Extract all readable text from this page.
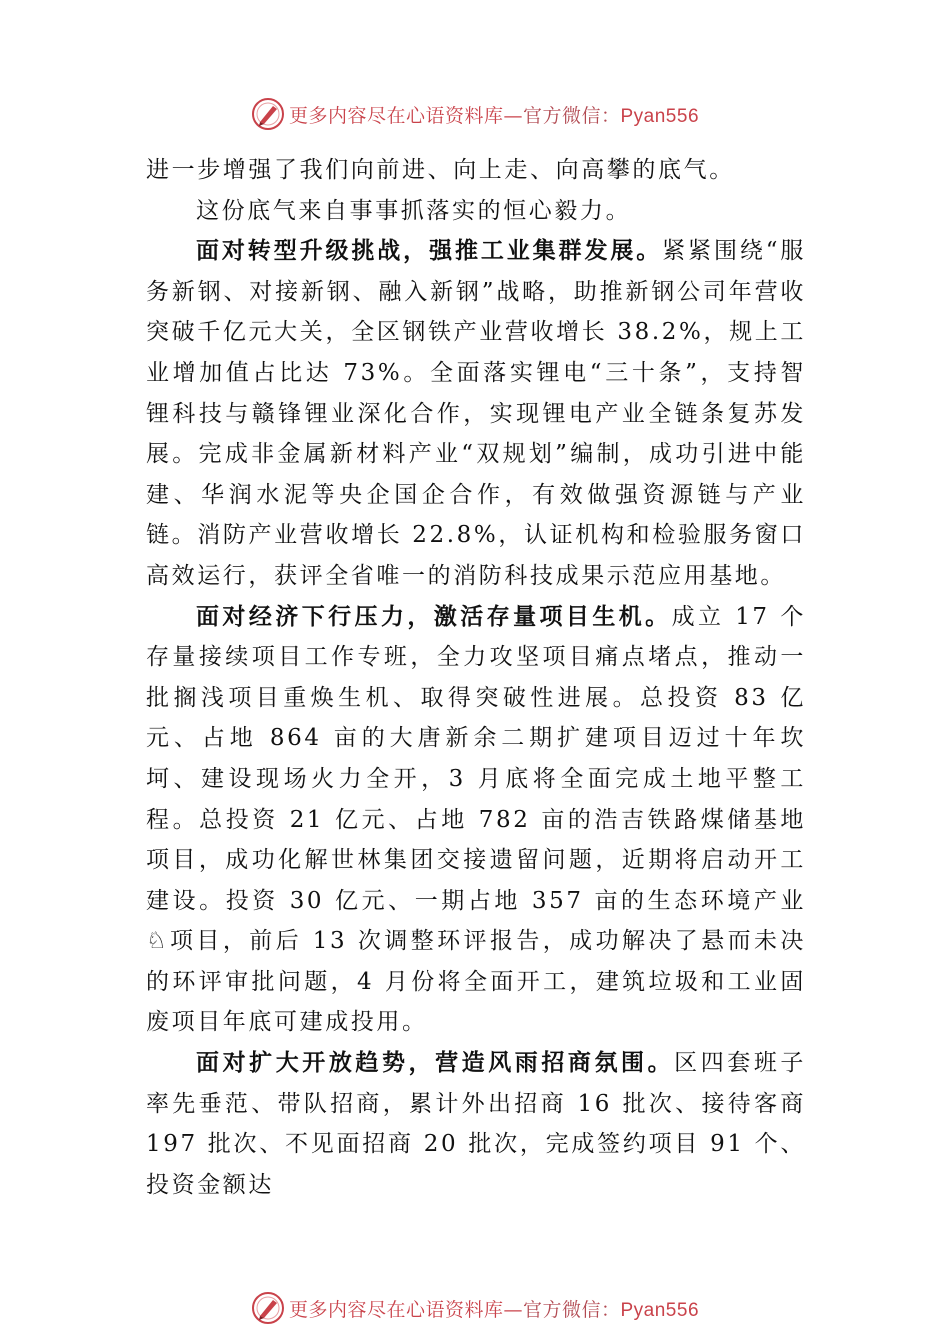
更多内容尽在心语资料库—官方微信：Pyan556

进一步增强了我们向前进、向上走、向高攀的底气。

这份底气来自事事抓落实的恒心毅力。

面对转型升级挑战，强推工业集群发展。紧紧围绕“服务新钢、对接新钢、融入新钢”战略，助推新钢公司年营收突破千亿元大关，全区钢铁产业营收增长 38.2%，规上工业增加值占比达 73%。全面落实锂电“三十条”，支持智锂科技与赣锋锂业深化合作，实现锂电产业全链条复苏发展。完成非金属新材料产业“双规划”编制，成功引进中能建、华润水泥等央企国企合作，有效做强资源链与产业链。消防产业营收增长 22.8%，认证机构和检验服务窗口高效运行，获评全省唯一的消防科技成果示范应用基地。

面对经济下行压力，激活存量项目生机。成立 17 个存量接续项目工作专班，全力攻坚项目痛点堵点，推动一批搁浅项目重焕生机、取得突破性进展。总投资 83 亿元、占地 864 亩的大唐新余二期扩建项目迈过十年坎坷、建设现场火力全开，3 月底将全面完成土地平整工程。总投资 21 亿元、占地 782 亩的浩吉铁路煤储基地项目，成功化解世林集团交接遗留问题，近期将启动开工建设。投资 30 亿元、一期占地 357 亩的生态环境产业♘项目，前后 13 次调整环评报告，成功解决了悬而未决的环评审批问题，4 月份将全面开工，建筑垃圾和工业固废项目年底可建成投用。

面对扩大开放趋势，营造风雨招商氛围。区四套班子率先垂范、带队招商，累计外出招商 16 批次、接待客商 197 批次、不见面招商 20 批次，完成签约项目 91 个、投资金额达

更多内容尽在心语资料库—官方微信：Pyan556
